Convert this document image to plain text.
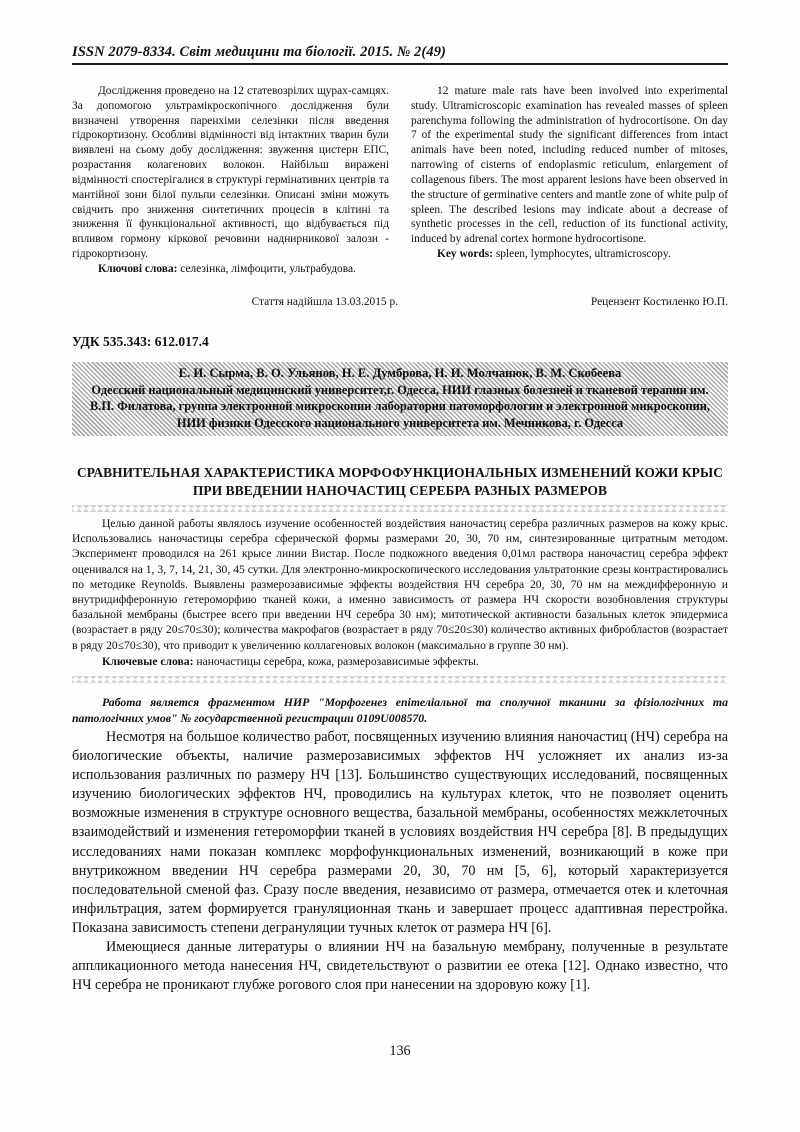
ISSN 2079-8334. Світ медицини та біології. 2015. № 2(49)

Дослідження проведено на 12 статевозрілих щурах-самцях. За допомогою ультрамікроскопічного дослідження були визначені утворення паренхіми селезінки після введення гідрокортизону. Особливі відмінності від інтактних тварин були виявлені на сьому добу дослідження: звуження цистерн ЕПС, розрастання колагенових волокон. Найбільш виражені відмінності спостерігалися в структурі гермінативних центрів та мантійної зони білої пульпи селезінки. Описані зміни можуть свідчить про зниження синтетичних процесів в клітині та зниження її функціональної активності, що відбувається під впливом гормону кіркової речовини наднирникової залози - гідрокортизону.

Ключові слова: селезінка, лімфоцити, ультрабудова.

12 mature male rats have been involved into experimental study. Ultramicroscopic examination has revealed masses of spleen parenchyma following the administration of hydrocortisone. On day 7 of the experimental study the significant differences from intact animals have been noted, including reduced number of mitoses, narrowing of cisterns of endoplasmic reticulum, enlargement of collagenous fibers. The most apparent lesions have been observed in the structure of germinative centers and mantle zone of white pulp of spleen. The described lesions may indicate about a decrease of synthetic processes in the cell, reduction of its functional activity, induced by adrenal cortex hormone hydrocortisone.

Key words: spleen, lymphocytes, ultramicroscopy.

Стаття надійшла 13.03.2015 р.	Рецензент Костиленко Ю.П.
УДК 535.343: 612.017.4
Е. И. Сырма, В. О. Ульянов, Н. Е. Думброва, Н. И. Молчанюк, В. М. Скобеева
Одесский национальный медицинский университет,г. Одесса, НИИ глазных болезней и тканевой терапии им. В.П. Филатова, группа электронной микроскопии лаборатории патоморфологии и электронной микроскопии, НИИ физики Одесского национального университета им. Мечникова, г. Одесса
СРАВНИТЕЛЬНАЯ ХАРАКТЕРИСТИКА МОРФОФУНКЦИОНАЛЬНЫХ ИЗМЕНЕНИЙ КОЖИ КРЫС ПРИ ВВЕДЕНИИ НАНОЧАСТИЦ СЕРЕБРА РАЗНЫХ РАЗМЕРОВ

Целью данной работы являлось изучение особенностей воздействия наночастиц серебра различных размеров на кожу крыс. Использовались наночастицы серебра сферической формы размерами 20, 30, 70 нм, синтезированные цитратным методом. Эксперимент проводился на 261 крысе линии Вистар. После подкожного введения 0,01мл раствора наночастиц серебра эффект оценивался на 1, 3, 7, 14, 21, 30, 45 сутки. Для электронно-микроскопического исследования ультратонкие срезы контрастировались по методике Reynolds. Выявлены размерозависимые эффекты воздействия НЧ серебра 20, 30, 70 нм на междифферонную и внутридифферонную гетероморфию тканей кожи, а именно зависимость от размера НЧ скорости возобновления структуры базальной мембраны (быстрее всего при введении НЧ серебра 30 нм); митотической активности базальных клеток эпидермиса (возрастает в ряду 20≤70≤30); количества макрофагов (возрастает в ряду 70≤20≤30) количество активных фибробластов (возрастает в ряду 20≤70≤30), что приводит к увеличению коллагеновых волокон (максимально в группе 30 нм).

Ключевые слова: наночастицы серебра, кожа, размерозависимые эффекты.

Работа является фрагментом НИР "Морфогенез епітеліальної та сполучної тканини за фізіологічних та патологічних умов" № государственной регистрации 0109U008570.

Несмотря на большое количество работ, посвященных изучению влияния наночастиц (НЧ) серебра на биологические объекты, наличие размерозависимых эффектов НЧ усложняет их анализ из-за использования различных по размеру НЧ [13]. Большинство существующих исследований, посвященных изучению биологических эффектов НЧ, проводились на культурах клеток, что не позволяет оценить возможные изменения в структуре основного вещества, базальной мембраны, особенностях межклеточных взаимодействий и изменения гетероморфии тканей в условиях воздействия НЧ серебра [8]. В предыдущих исследованиях нами показан комплекс морфофункциональных изменений, возникающий в коже при внутрикожном введении НЧ серебра размерами 20, 30, 70 нм [5, 6], который характеризуется последовательной сменой фаз. Сразу после введения, независимо от размера, отмечается отек и клеточная инфильтрация, затем формируется грануляционная ткань и завершает процесс адаптивная перестройка. Показана зависимость степени дегрануляции тучных клеток от размера НЧ [6].

Имеющиеся данные литературы о влиянии НЧ на базальную мембрану, полученные в результате аппликационного метода нанесения НЧ, свидетельствуют о развитии ее отека [12]. Однако известно, что НЧ серебра не проникают глубже рогового слоя при нанесении на здоровую кожу [1].

136
